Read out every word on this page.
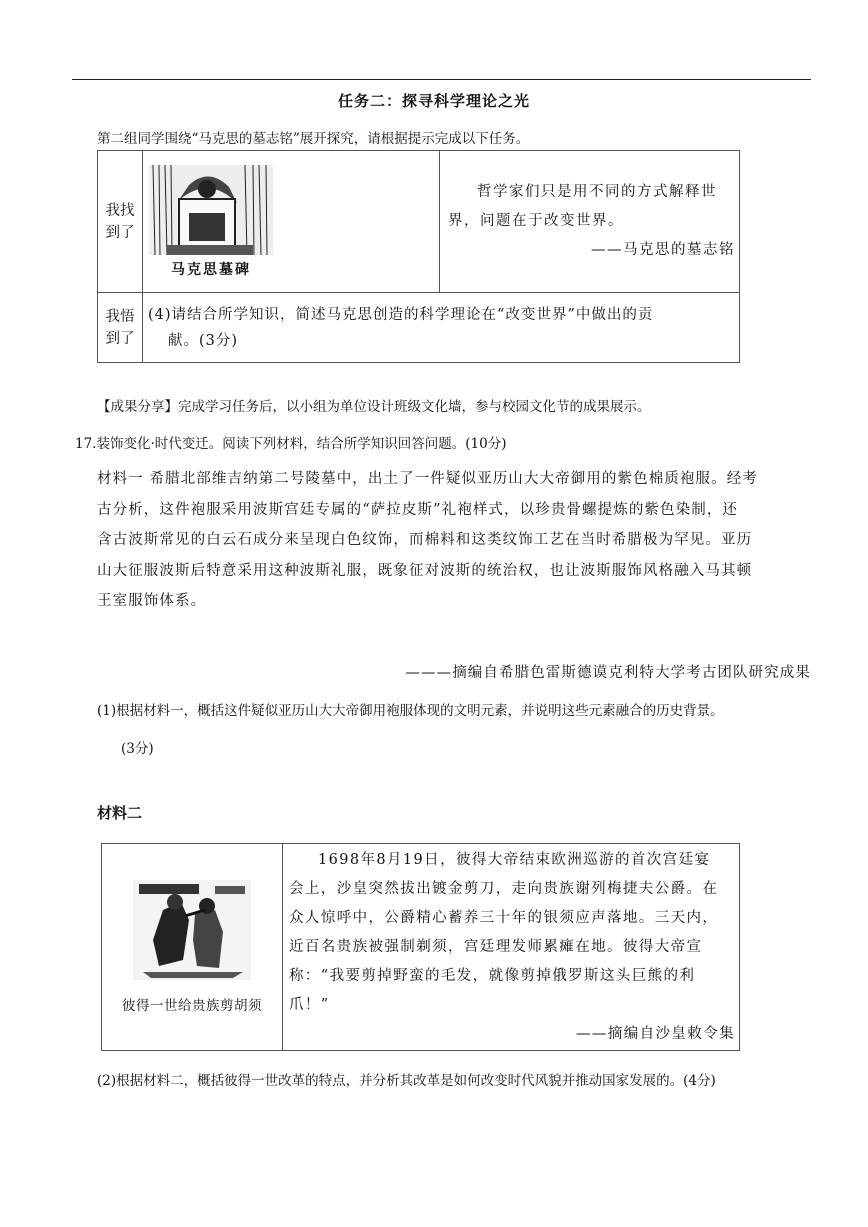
任务二：探寻科学理论之光
第二组同学围绕“马克思的墓志铭”展开探究，请根据提示完成以下任务。
我找到了	马克思墓碑	哲学家们只是用不同的方式解释世
界，问题在于改变世界。
——马克思的墓志铭

我悟到了	(4)请结合所学知识，简述马克思创造的科学理论在“改变世界”中做出的贡
献。(3分)	
【成果分享】完成学习任务后，以小组为单位设计班级文化墙，参与校园文化节的成果展示。
17.装饰变化·时代变迁。阅读下列材料，结合所学知识回答问题。(10分)
材料一 希腊北部维吉纳第二号陵墓中，出土了一件疑似亚历山大大帝御用的紫色棉质袍服。经考
古分析，这件袍服采用波斯宫廷专属的“萨拉皮斯”礼袍样式，以珍贵骨螺提炼的紫色染制，还
含古波斯常见的白云石成分来呈现白色纹饰，而棉料和这类纹饰工艺在当时希腊极为罕见。亚历
山大征服波斯后特意采用这种波斯礼服，既象征对波斯的统治权，也让波斯服饰风格融入马其顿
王室服饰体系。
———摘编自希腊色雷斯德谟克利特大学考古团队研究成果
(1)根据材料一，概括这件疑似亚历山大大帝御用袍服体现的文明元素，并说明这些元素融合的历史背景。
(3分)
材料二
彼得一世给贵族剪胡须

1698年8月19日，彼得大帝结束欧洲巡游的首次宫廷宴
会上，沙皇突然拔出镀金剪刀，走向贵族谢列梅捷夫公爵。在
众人惊呼中，公爵精心蓄养三十年的银须应声落地。三天内，
近百名贵族被强制剃须，宫廷理发师累瘫在地。彼得大帝宣
称：“我要剪掉野蛮的毛发，就像剪掉俄罗斯这头巨熊的利
爪！”
——摘编自沙皇敕令集
(2)根据材料二，概括彼得一世改革的特点，并分析其改革是如何改变时代风貌并推动国家发展的。(4分)
